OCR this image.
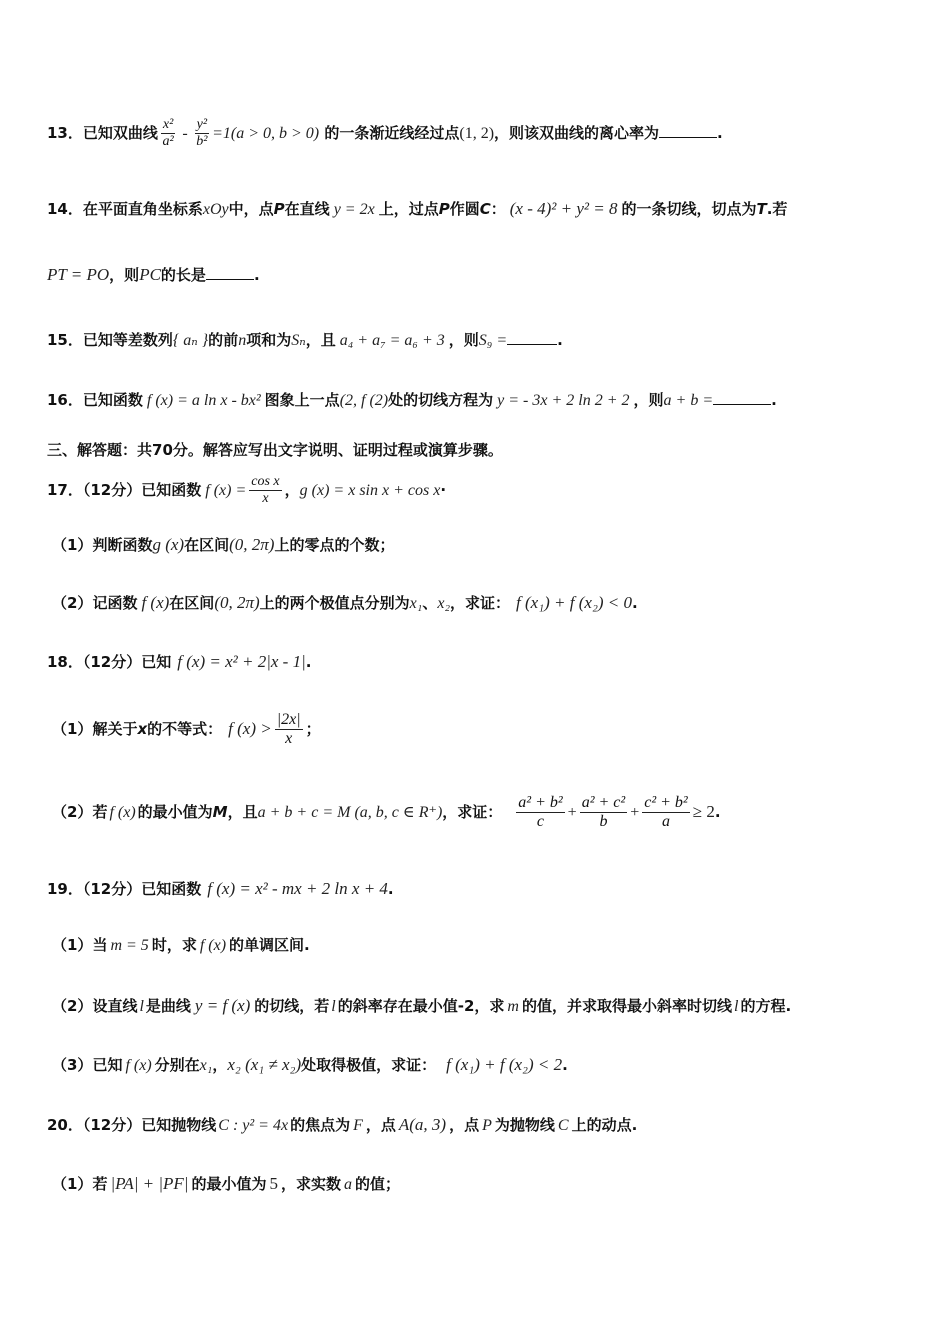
13．已知双曲线 $\frac{\text{x²}}{\text{a²}} - \frac{\text{y²}}{\text{b²}} =1(a > 0$, b > 0) 的一条渐近线经过点(1, 2)，则该双曲线的离心率为	.
14．在平面直角坐标系xOy中，点P在直线 y = 2x 上，过点P作圆C： (x - 4)² + y² = 8 的一条切线，切点为T.若
PT = PO，则PC的长是	.
15．已知等差数列{ aₙ }的前n项和为Sₙ，且 a₄ + a₇ = a₆ + 3 ，则S₉ =	.
16．已知函数 f (x) = a ln x - bx² 图象上一点(2, f (2)处的切线方程为 y = - 3x + 2 ln 2 + 2 ，则a + b =	.
三、解答题：共70分。解答应写出文字说明、证明过程或演算步骤。
17．（12分）已知函数 f $(x) = \frac{\text{cos x}}{x}$ ，g (x) = x sin x + cos x·
（1）判断函数g (x)在区间(0, 2π)上的零点的个数；
（2）记函数 f (x)在区间(0, 2π)上的两个极值点分别为x₁、x₂，求证： f (x₁) + f (x₂) < 0.
18．（12分）已知 f (x) = x² + 2|x - 1|.
（1）解关于x的不等式： f $(x) > \frac{|2x|}{x}$ ；
（2）若 f (x) 的最小值为M，且a + b + c = M (a, b, c ∈ R⁺)，求证： $\frac{\text{a² + b²}}{c} + \frac{\text{a² + c²}}{b} + \frac{\text{c² + b²}}{a} \ge 2$.
19．（12分）已知函数 f (x) = x² - mx + 2 ln x + 4.
（1）当 m = 5 时，求 f (x) 的单调区间.
（2）设直线 l 是曲线 y = f (x) 的切线，若 l 的斜率存在最小值-2，求 m 的值，并求取得最小斜率时切线 l 的方程.
（3）已知 f (x) 分别在x₁，x₂ (x₁ ≠ x₂)处取得极值，求证： f (x₁) + f (x₂) < 2.
20．（12分）已知抛物线 C : y² = 4x 的焦点为 F ，点 A(a, 3) ，点 P 为抛物线 C 上的动点.
（1）若 |PA| + |PF| 的最小值为 5 ，求实数 a 的值；
